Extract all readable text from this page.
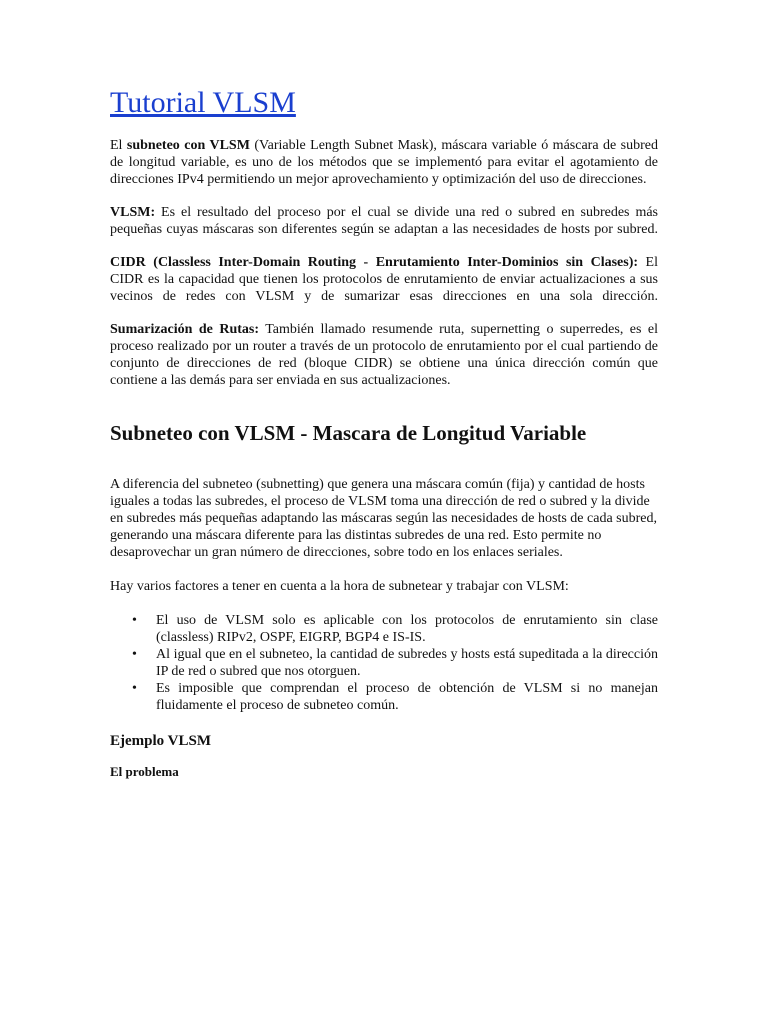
Tutorial VLSM

El subneteo con VLSM (Variable Length Subnet Mask), máscara variable ó máscara de subred de longitud variable, es uno de los métodos que se implementó para evitar el agotamiento de direcciones IPv4 permitiendo un mejor aprovechamiento y optimización del uso de direcciones.

VLSM: Es el resultado del proceso por el cual se divide una red o subred en subredes más pequeñas cuyas máscaras son diferentes según se adaptan a las necesidades de hosts por subred.

CIDR (Classless Inter-Domain Routing - Enrutamiento Inter-Dominios sin Clases): El CIDR es la capacidad que tienen los protocolos de enrutamiento de enviar actualizaciones a sus vecinos de redes con VLSM y de sumarizar esas direcciones en una sola dirección.

Sumarización de Rutas: También llamado resumende ruta, supernetting o superredes, es el proceso realizado por un router a través de un protocolo de enrutamiento por el cual partiendo de conjunto de direcciones de red (bloque CIDR) se obtiene una única dirección común que contiene a las demás para ser enviada en sus actualizaciones.

Subneteo con VLSM - Mascara de Longitud Variable

A diferencia del subneteo (subnetting) que genera una máscara común (fija) y cantidad de hosts iguales a todas las subredes, el proceso de VLSM toma una dirección de red o subred y la divide en subredes más pequeñas adaptando las máscaras según las necesidades de hosts de cada subred, generando una máscara diferente para las distintas subredes de una red. Esto permite no desaprovechar un gran número de direcciones, sobre todo en los enlaces seriales.

Hay varios factores a tener en cuenta a la hora de subnetear y trabajar con VLSM:

• El uso de VLSM solo es aplicable con los protocolos de enrutamiento sin clase (classless) RIPv2, OSPF, EIGRP, BGP4 e IS-IS.
• Al igual que en el subneteo, la cantidad de subredes y hosts está supeditada a la dirección IP de red o subred que nos otorguen.
• Es imposible que comprendan el proceso de obtención de VLSM si no manejan fluidamente el proceso de subneteo común.
Ejemplo VLSM
El problema
